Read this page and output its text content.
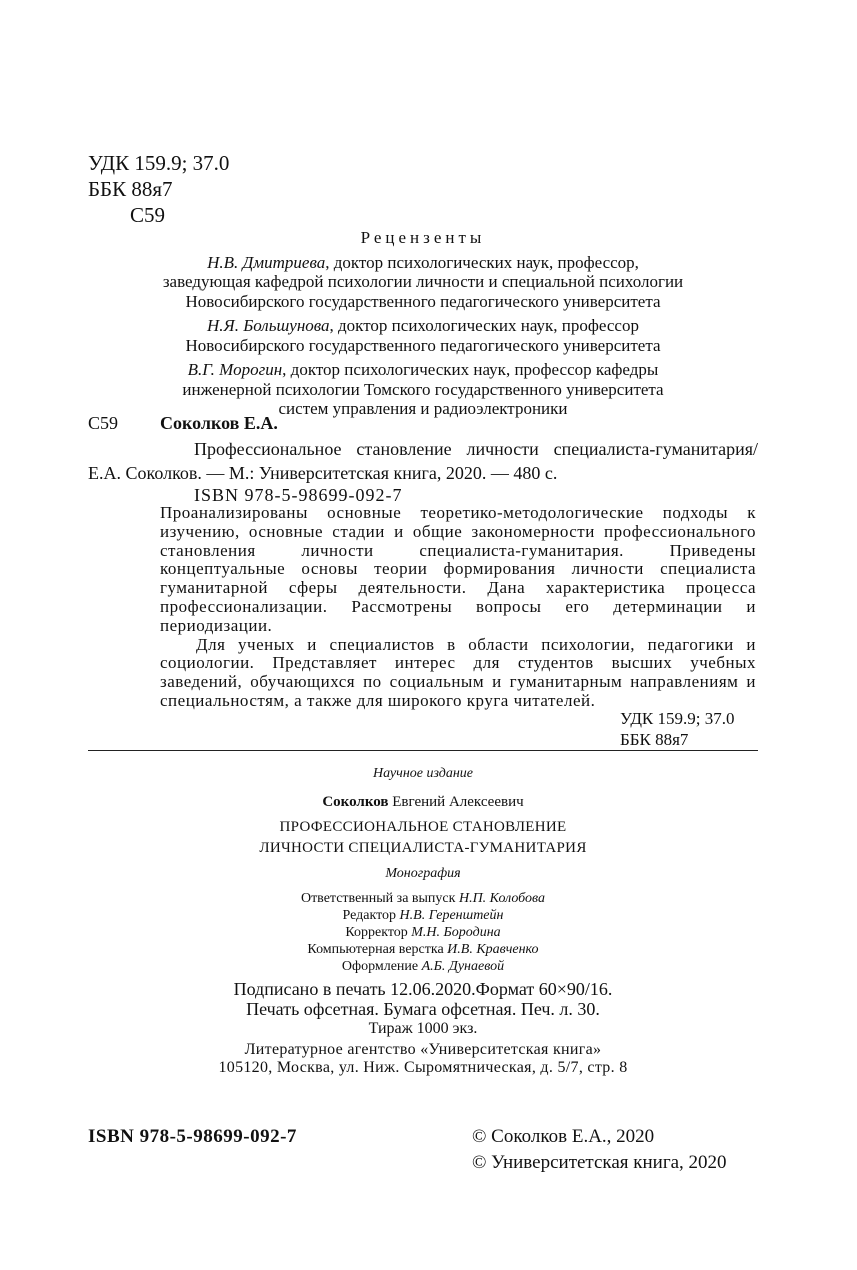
УДК 159.9; 37.0
ББК 88я7
С59
Рецензенты
Н.В. Дмитриева, доктор психологических наук, профессор,
заведующая кафедрой психологии личности и специальной психологии
Новосибирского государственного педагогического университета
Н.Я. Большунова, доктор психологических наук, профессор
Новосибирского государственного педагогического университета
В.Г. Морогин, доктор психологических наук, профессор кафедры
инженерной психологии Томского государственного университета
систем управления и радиоэлектроники
С59 Соколков Е.А.
Профессиональное становление личности специалиста-гуманитария/ Е.А. Соколков. — М.: Университетская книга, 2020. — 480 с.
ISBN 978-5-98699-092-7

Проанализированы основные теоретико-методологические подходы к изучению, основные стадии и общие закономерности профессионального становления личности специалиста-гуманитария. Приведены концептуальные основы теории формирования личности специалиста гуманитарной сферы деятельности. Дана характеристика процесса профессионализации. Рассмотрены вопросы его детерминации и периодизации.

Для ученых и специалистов в области психологии, педагогики и социологии. Представляет интерес для студентов высших учебных заведений, обучающихся по социальным и гуманитарным направлениям и специальностям, а также для широкого круга читателей.

УДК 159.9; 37.0
ББК 88я7
Научное издание
Соколков Евгений Алексеевич
ПРОФЕССИОНАЛЬНОЕ СТАНОВЛЕНИЕ
ЛИЧНОСТИ СПЕЦИАЛИСТА-ГУМАНИТАРИЯ
Монография
Ответственный за выпуск Н.П. Колобова
Редактор Н.В. Геренштейн
Корректор М.Н. Бородина
Компьютерная верстка И.В. Кравченко
Оформление А.Б. Дунаевой
Подписано в печать 12.06.2020.Формат 60×90/16.
Печать офсетная. Бумага офсетная. Печ. л. 30.
Тираж 1000 экз.
Литературное агентство «Университетская книга»
105120, Москва, ул. Ниж. Сыромятническая, д. 5/7, стр. 8
ISBN 978-5-98699-092-7	© Соколков Е.А., 2020
© Университетская книга, 2020
